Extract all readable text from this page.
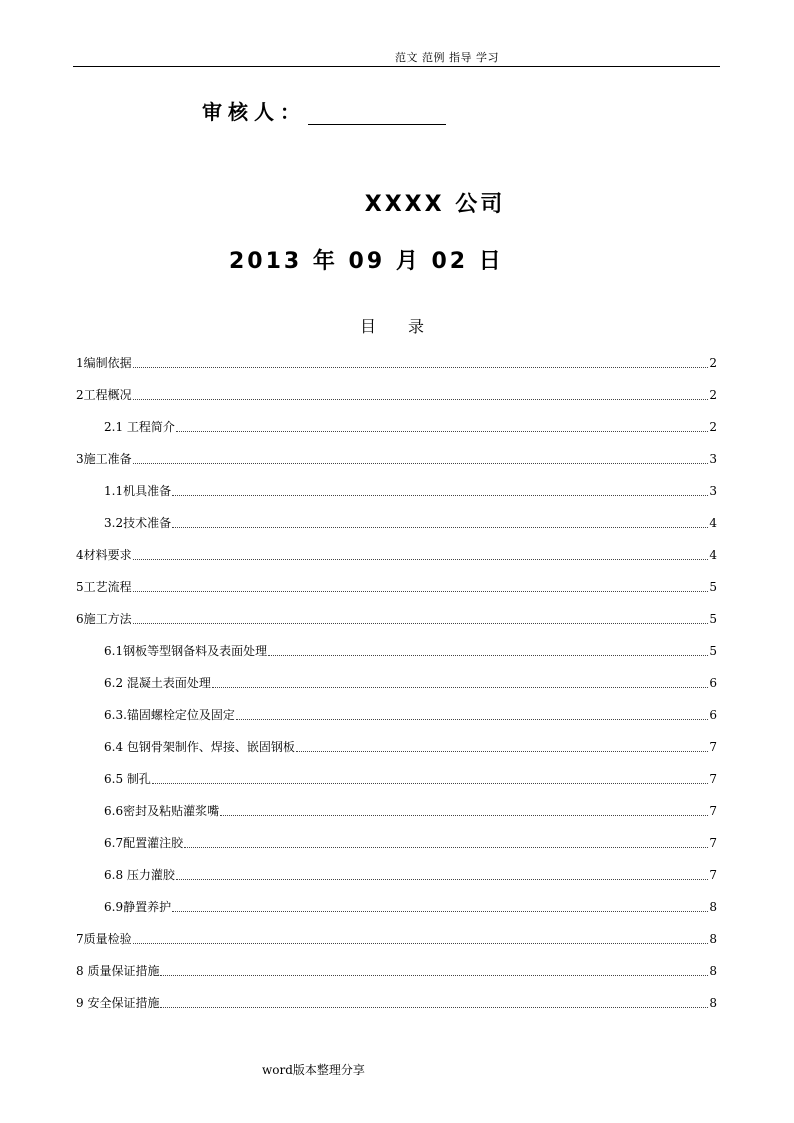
范文 范例 指导 学习
审核人：
XXXX 公司
2013 年 09 月 02 日
目　　录
1编制依据	2
2工程概况	2
2.1 工程简介	2
3施工准备	3
1.1机具准备	3
3.2技术准备	4
4材料要求	4
5工艺流程	5
6施工方法	5
6.1钢板等型钢备料及表面处理	5
6.2 混凝土表面处理	6
6.3.锚固螺栓定位及固定	6
6.4 包钢骨架制作、焊接、嵌固钢板	7
6.5 制孔	7
6.6密封及粘贴灌浆嘴	7
6.7配置灌注胶	7
6.8 压力灌胶	7
6.9静置养护	8
7质量检验	8
8 质量保证措施	8
9 安全保证措施	8
word版本整理分享
